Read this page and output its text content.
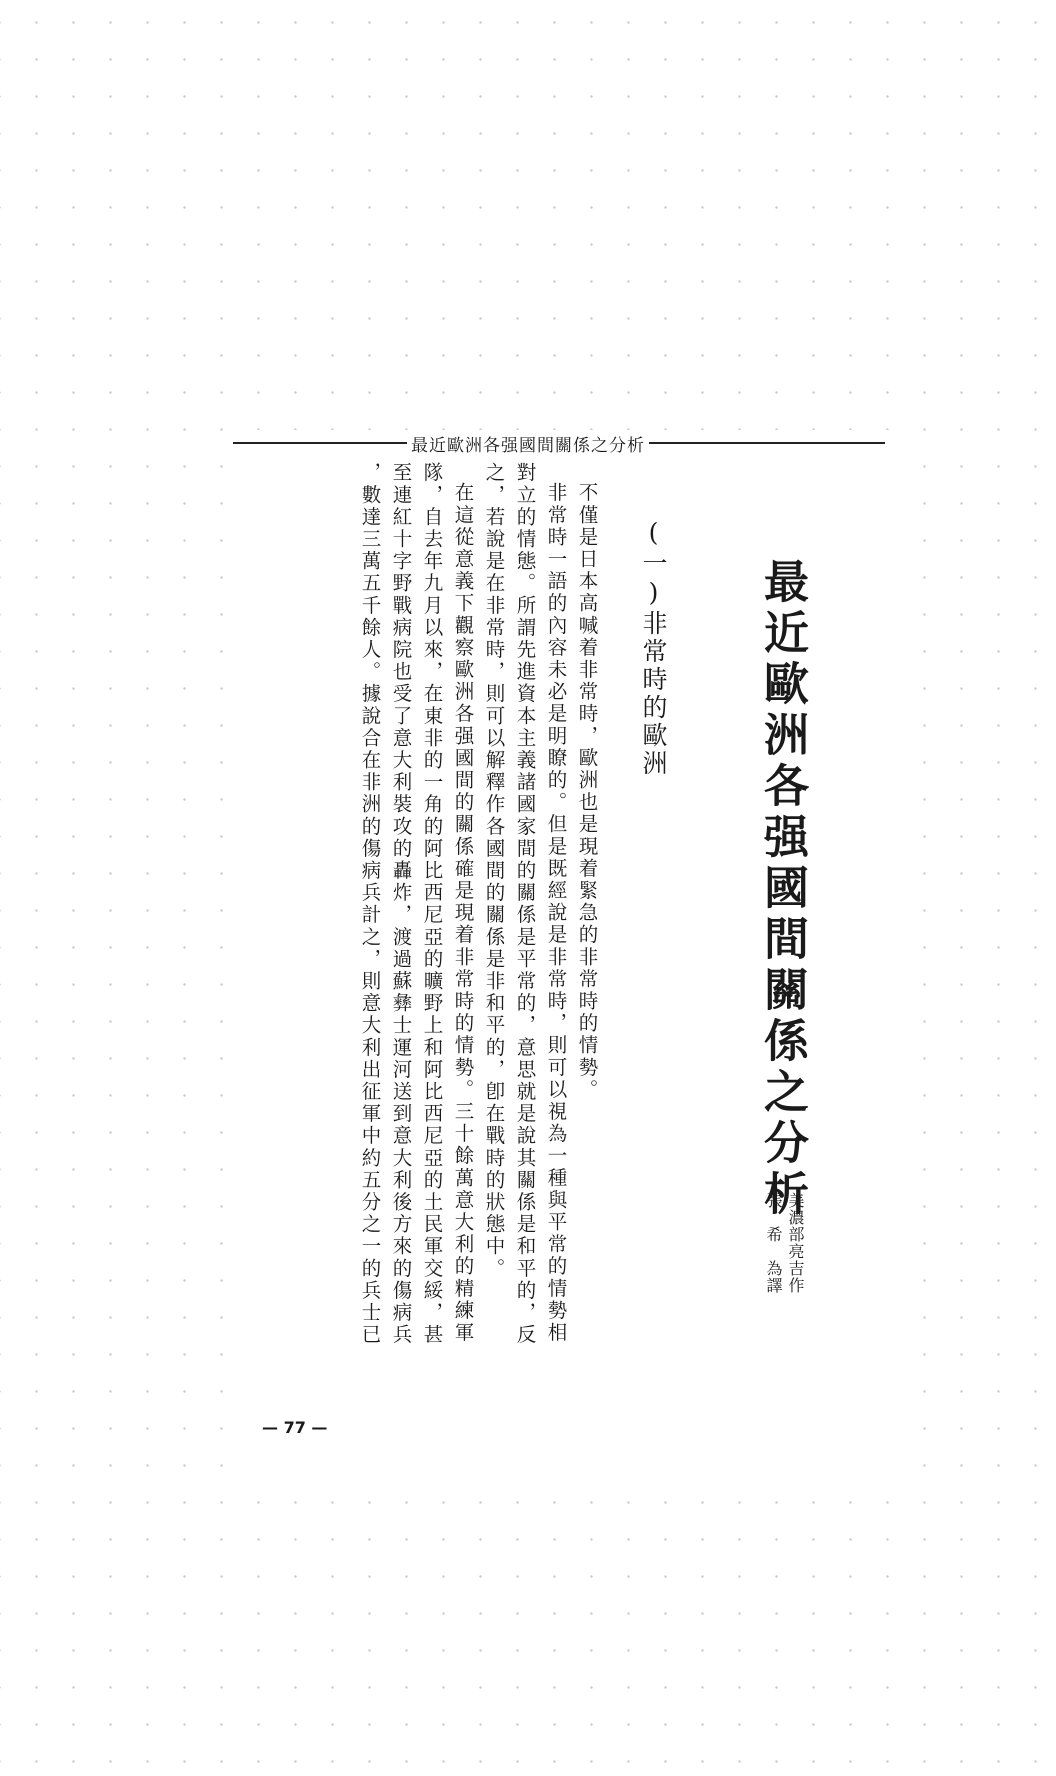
最近歐洲各强國間關係之分析
最近歐洲各强國間關係之分析
美濃部亮吉作
張　希　為譯
(一)非常時的歐洲
不僅是日本高喊着非常時，歐洲也是現着緊急的非常時的情勢。
非常時一語的內容未必是明瞭的。但是既經說是非常時，則可以視為一種與平常的情勢相
對立的情態。所謂先進資本主義諸國家間的關係是平常的，意思就是說其關係是和平的，反
之，若說是在非常時，則可以解釋作各國間的關係是非和平的，卽在戰時的狀態中。
在這從意義下觀察歐洲各强國間的關係確是現着非常時的情勢。三十餘萬意大利的精練軍
隊，自去年九月以來，在東非的一角的阿比西尼亞的曠野上和阿比西尼亞的土民軍交綏，甚
至連紅十字野戰病院也受了意大利裝攻的轟炸，渡過蘇彝士運河送到意大利後方來的傷病兵
，數達三萬五千餘人。據說合在非洲的傷病兵計之，則意大利出征軍中約五分之一的兵士已
— 77 —
